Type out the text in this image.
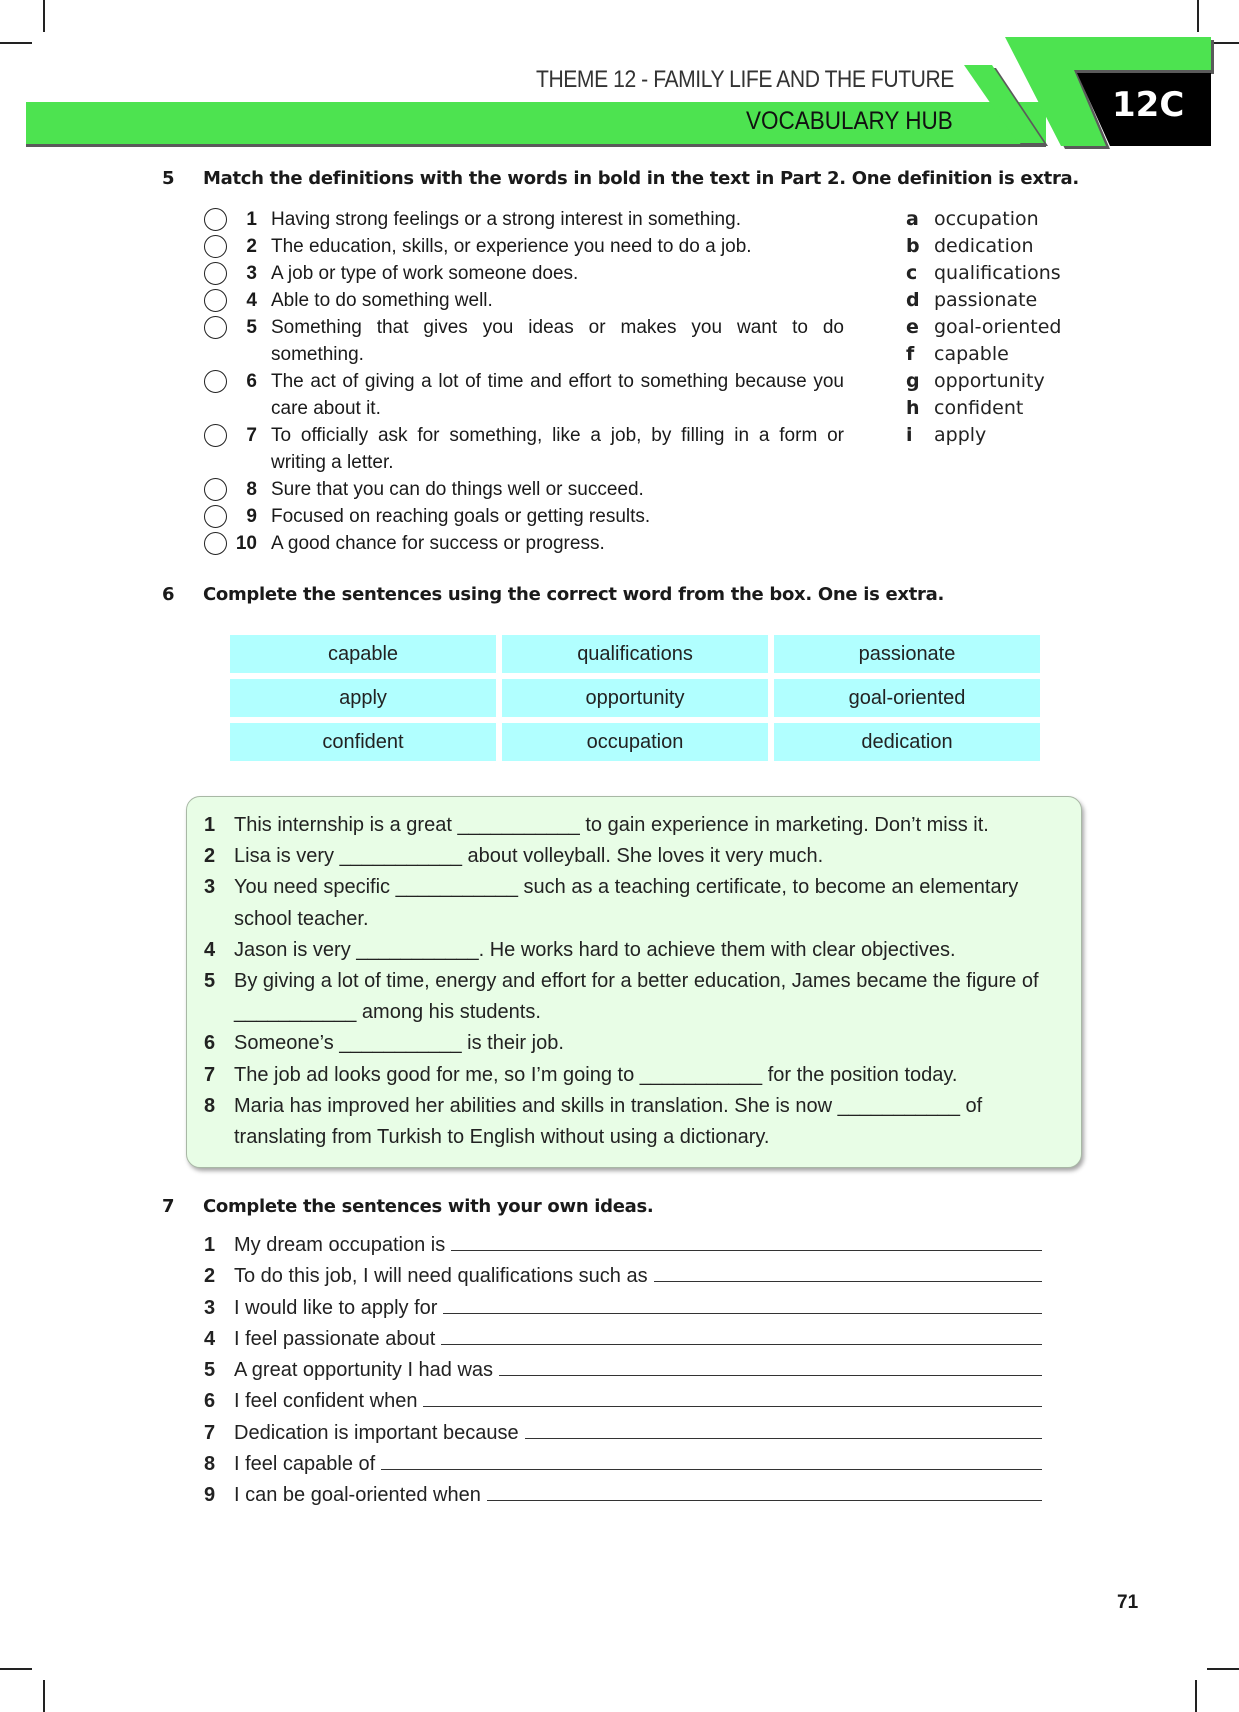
THEME 12 - FAMILY LIFE AND THE FUTURE
VOCABULARY HUB	12C
5 Match the definitions with the words in bold in the text in Part 2. One definition is extra.
1 Having strong feelings or a strong interest in something.
2 The education, skills, or experience you need to do a job.
3 A job or type of work someone does.
4 Able to do something well.
5 Something that gives you ideas or makes you want to do something.
6 The act of giving a lot of time and effort to something because you care about it.
7 To officially ask for something, like a job, by filling in a form or writing a letter.
8 Sure that you can do things well or succeed.
9 Focused on reaching goals or getting results.
10 A good chance for success or progress.
a occupation
b dedication
c qualifications
d passionate
e goal-oriented
f	capable
g opportunity
h confident
i	apply
6 Complete the sentences using the correct word from the box. One is extra.
capable	qualifications	passionate
apply	opportunity	goal-oriented
confident	occupation	dedication
1 This internship is a great ___________ to gain experience in marketing. Don’t miss it.
2 Lisa is very ___________ about volleyball. She loves it very much.
3 You need specific ___________ such as a teaching certificate, to become an elementary school teacher.
4 Jason is very ___________. He works hard to achieve them with clear objectives.
5 By giving a lot of time, energy and effort for a better education, James became the figure of ___________ among his students.
6 Someone’s ___________ is their job.
7 The job ad looks good for me, so I’m going to ___________ for the position today.
8 Maria has improved her abilities and skills in translation. She is now ___________ of translating from Turkish to English without using a dictionary.
7 Complete the sentences with your own ideas.
1 My dream occupation is
2 To do this job, I will need qualifications such as
3 I would like to apply for
4 I feel passionate about
5 A great opportunity I had was
6 I feel confident when
7 Dedication is important because
8 I feel capable of
9 I can be goal-oriented when
71
